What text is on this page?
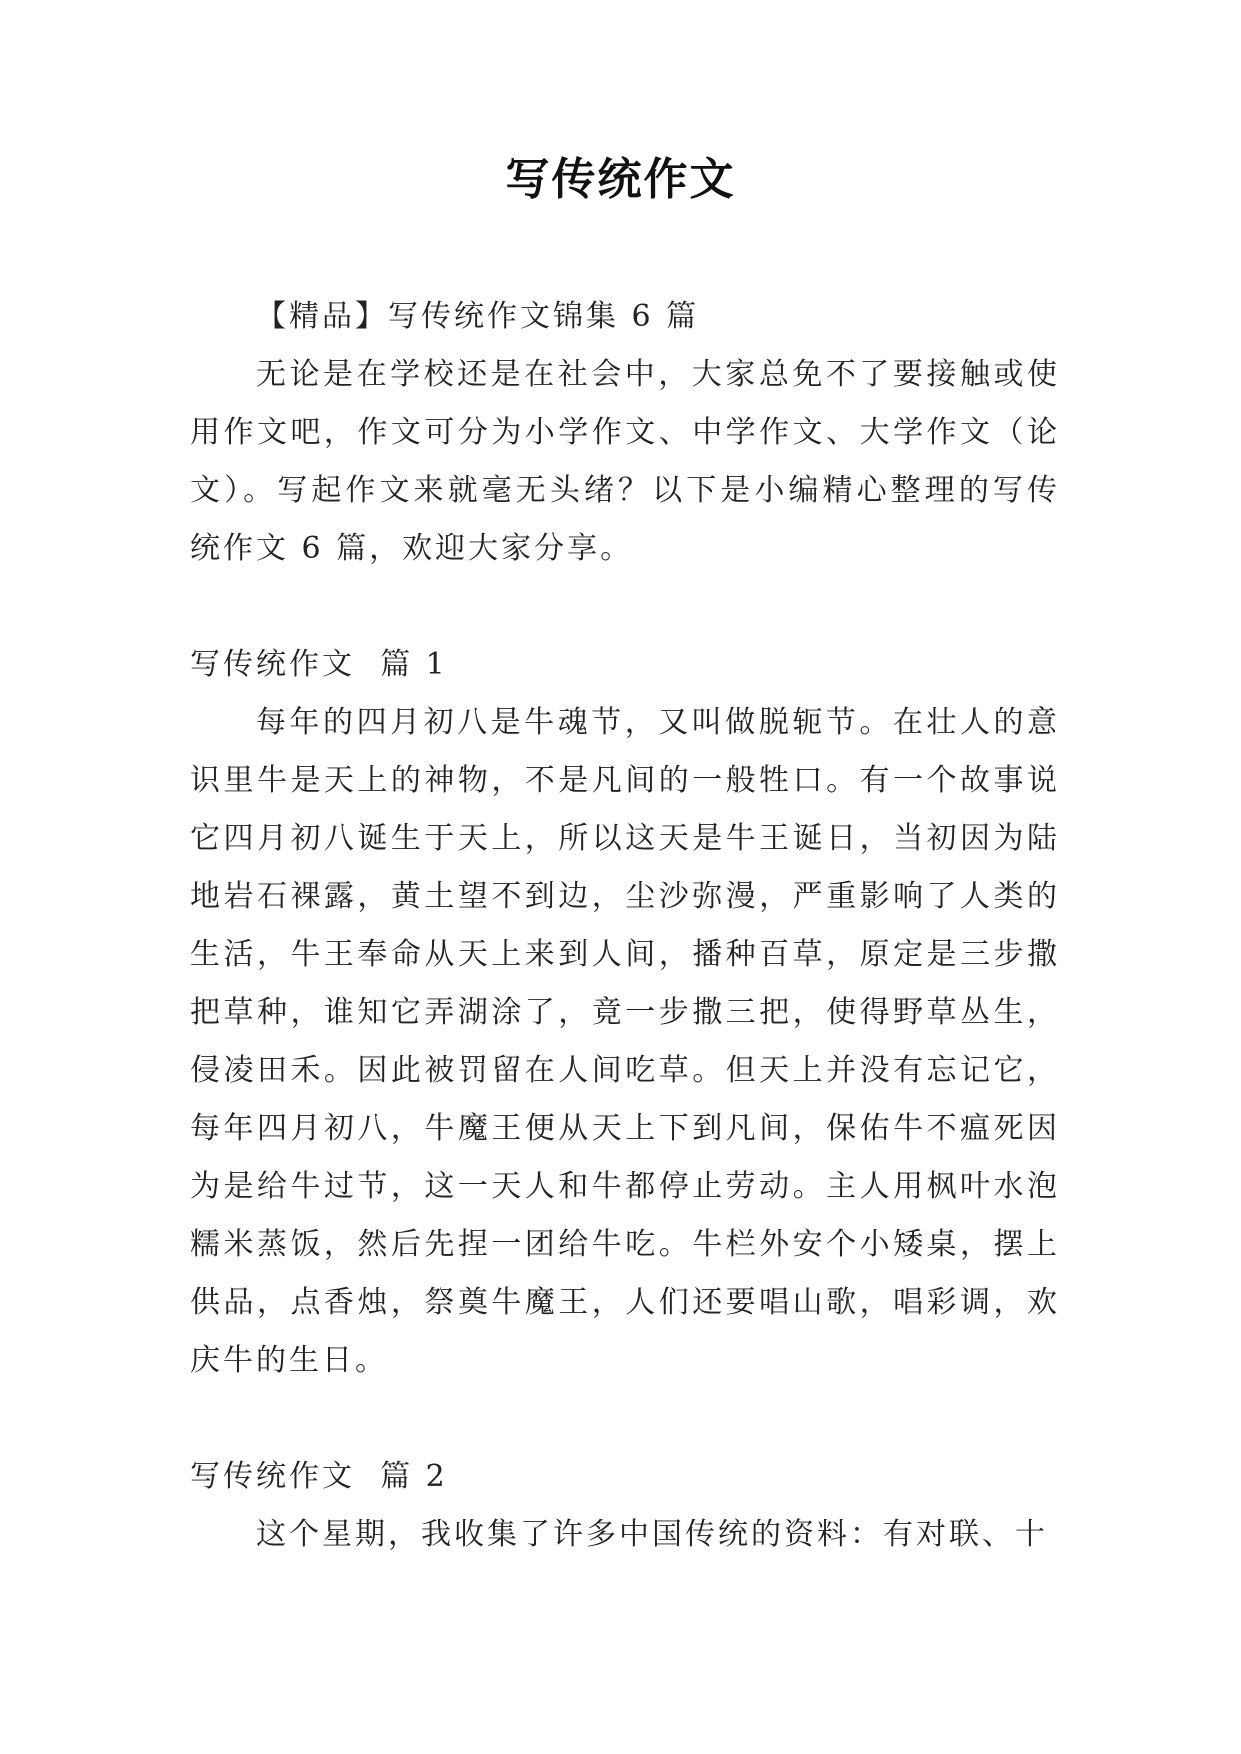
写传统作文

【精品】写传统作文锦集 6 篇

无论是在学校还是在社会中，大家总免不了要接触或使用作文吧，作文可分为小学作文、中学作文、大学作文（论文）。写起作文来就毫无头绪？以下是小编精心整理的写传统作文 6 篇，欢迎大家分享。

写传统作文  篇 1

每年的四月初八是牛魂节，又叫做脱轭节。在壮人的意识里牛是天上的神物，不是凡间的一般牲口。有一个故事说它四月初八诞生于天上，所以这天是牛王诞日，当初因为陆地岩石裸露，黄土望不到边，尘沙弥漫，严重影响了人类的生活，牛王奉命从天上来到人间，播种百草，原定是三步撒把草种，谁知它弄湖涂了，竟一步撒三把，使得野草丛生，侵凌田禾。因此被罚留在人间吃草。但天上并没有忘记它，每年四月初八，牛魔王便从天上下到凡间，保佑牛不瘟死因为是给牛过节，这一天人和牛都停止劳动。主人用枫叶水泡糯米蒸饭，然后先捏一团给牛吃。牛栏外安个小矮桌，摆上供品，点香烛，祭奠牛魔王，人们还要唱山歌，唱彩调，欢庆牛的生日。

写传统作文  篇 2

这个星期，我收集了许多中国传统的资料：有对联、十
